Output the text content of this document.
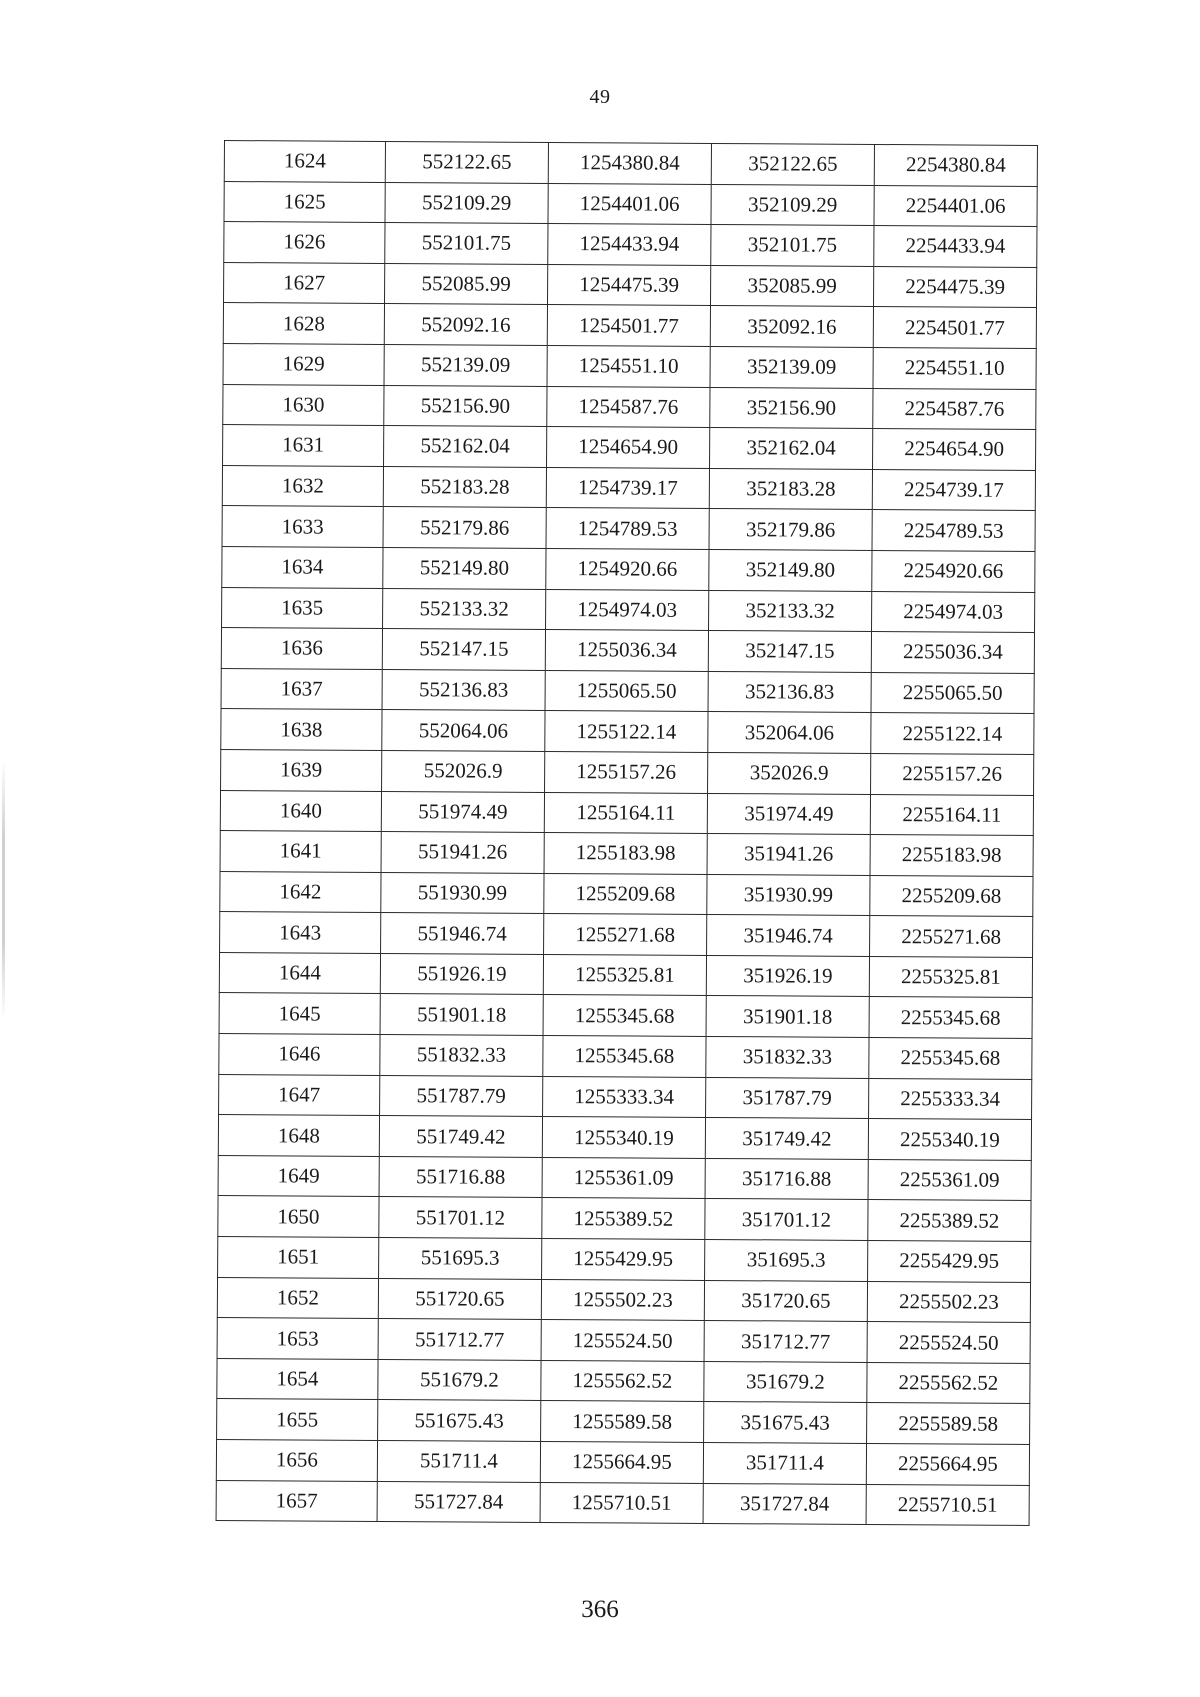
49
1624	552122.65	1254380.84	352122.65	2254380.84
1625	552109.29	1254401.06	352109.29	2254401.06
1626	552101.75	1254433.94	352101.75	2254433.94
1627	552085.99	1254475.39	352085.99	2254475.39
1628	552092.16	1254501.77	352092.16	2254501.77
1629	552139.09	1254551.10	352139.09	2254551.10
1630	552156.90	1254587.76	352156.90	2254587.76
1631	552162.04	1254654.90	352162.04	2254654.90
1632	552183.28	1254739.17	352183.28	2254739.17
1633	552179.86	1254789.53	352179.86	2254789.53
1634	552149.80	1254920.66	352149.80	2254920.66
1635	552133.32	1254974.03	352133.32	2254974.03
1636	552147.15	1255036.34	352147.15	2255036.34
1637	552136.83	1255065.50	352136.83	2255065.50
1638	552064.06	1255122.14	352064.06	2255122.14
1639	552026.9	1255157.26	352026.9	2255157.26
1640	551974.49	1255164.11	351974.49	2255164.11
1641	551941.26	1255183.98	351941.26	2255183.98
1642	551930.99	1255209.68	351930.99	2255209.68
1643	551946.74	1255271.68	351946.74	2255271.68
1644	551926.19	1255325.81	351926.19	2255325.81
1645	551901.18	1255345.68	351901.18	2255345.68
1646	551832.33	1255345.68	351832.33	2255345.68
1647	551787.79	1255333.34	351787.79	2255333.34
1648	551749.42	1255340.19	351749.42	2255340.19
1649	551716.88	1255361.09	351716.88	2255361.09
1650	551701.12	1255389.52	351701.12	2255389.52
1651	551695.3	1255429.95	351695.3	2255429.95
1652	551720.65	1255502.23	351720.65	2255502.23
1653	551712.77	1255524.50	351712.77	2255524.50
1654	551679.2	1255562.52	351679.2	2255562.52
1655	551675.43	1255589.58	351675.43	2255589.58
1656	551711.4	1255664.95	351711.4	2255664.95
1657	551727.84	1255710.51	351727.84	2255710.51
366
